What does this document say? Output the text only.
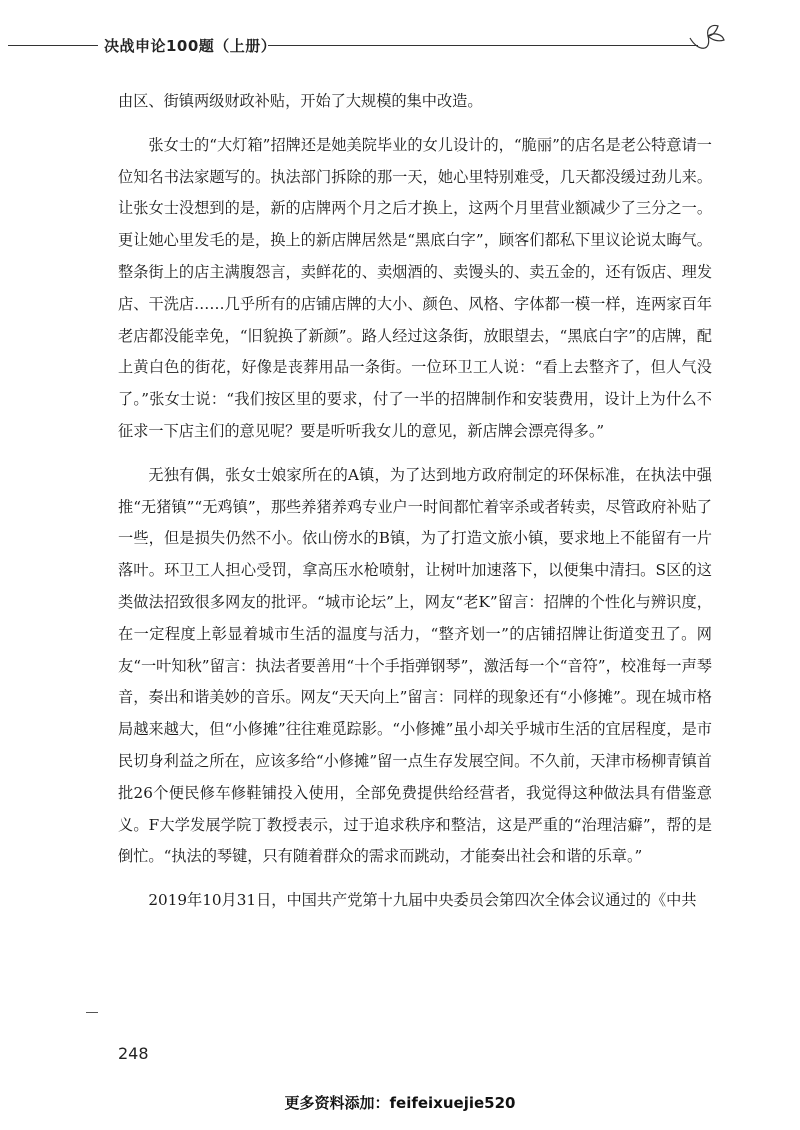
决战申论100题（上册）

由区、街镇两级财政补贴，开始了大规模的集中改造。

张女士的“大灯箱”招牌还是她美院毕业的女儿设计的，“脆丽”的店名是老公特意请一位知名书法家题写的。执法部门拆除的那一天，她心里特别难受，几天都没缓过劲儿来。让张女士没想到的是，新的店牌两个月之后才换上，这两个月里营业额减少了三分之一。更让她心里发毛的是，换上的新店牌居然是“黑底白字”，顾客们都私下里议论说太晦气。整条街上的店主满腹怨言，卖鲜花的、卖烟酒的、卖馒头的、卖五金的，还有饭店、理发店、干洗店……几乎所有的店铺店牌的大小、颜色、风格、字体都一模一样，连两家百年老店都没能幸免，“旧貌换了新颜”。路人经过这条街，放眼望去，“黑底白字”的店牌，配上黄白色的街花，好像是丧葬用品一条街。一位环卫工人说：“看上去整齐了，但人气没了。”张女士说：“我们按区里的要求，付了一半的招牌制作和安装费用，设计上为什么不征求一下店主们的意见呢？要是听听我女儿的意见，新店牌会漂亮得多。”

无独有偶，张女士娘家所在的A镇，为了达到地方政府制定的环保标准，在执法中强推“无猪镇”“无鸡镇”，那些养猪养鸡专业户一时间都忙着宰杀或者转卖，尽管政府补贴了一些，但是损失仍然不小。依山傍水的B镇，为了打造文旅小镇，要求地上不能留有一片落叶。环卫工人担心受罚，拿高压水枪喷射，让树叶加速落下，以便集中清扫。S区的这类做法招致很多网友的批评。“城市论坛”上，网友“老K”留言：招牌的个性化与辨识度，在一定程度上彰显着城市生活的温度与活力，“整齐划一”的店铺招牌让街道变丑了。网友“一叶知秋”留言：执法者要善用“十个手指弹钢琴”，激活每一个“音符”，校准每一声琴音，奏出和谐美妙的音乐。网友“天天向上”留言：同样的现象还有“小修摊”。现在城市格局越来越大，但“小修摊”往往难觅踪影。“小修摊”虽小却关乎城市生活的宜居程度，是市民切身利益之所在，应该多给“小修摊”留一点生存发展空间。不久前，天津市杨柳青镇首批26个便民修车修鞋铺投入使用，全部免费提供给经营者，我觉得这种做法具有借鉴意义。F大学发展学院丁教授表示，过于追求秩序和整洁，这是严重的“治理洁癖”，帮的是倒忙。“执法的琴键，只有随着群众的需求而跳动，才能奏出社会和谐的乐章。”

2019年10月31日，中国共产党第十九届中央委员会第四次全体会议通过的《中共

248
更多资料添加：feifeixuejie520
